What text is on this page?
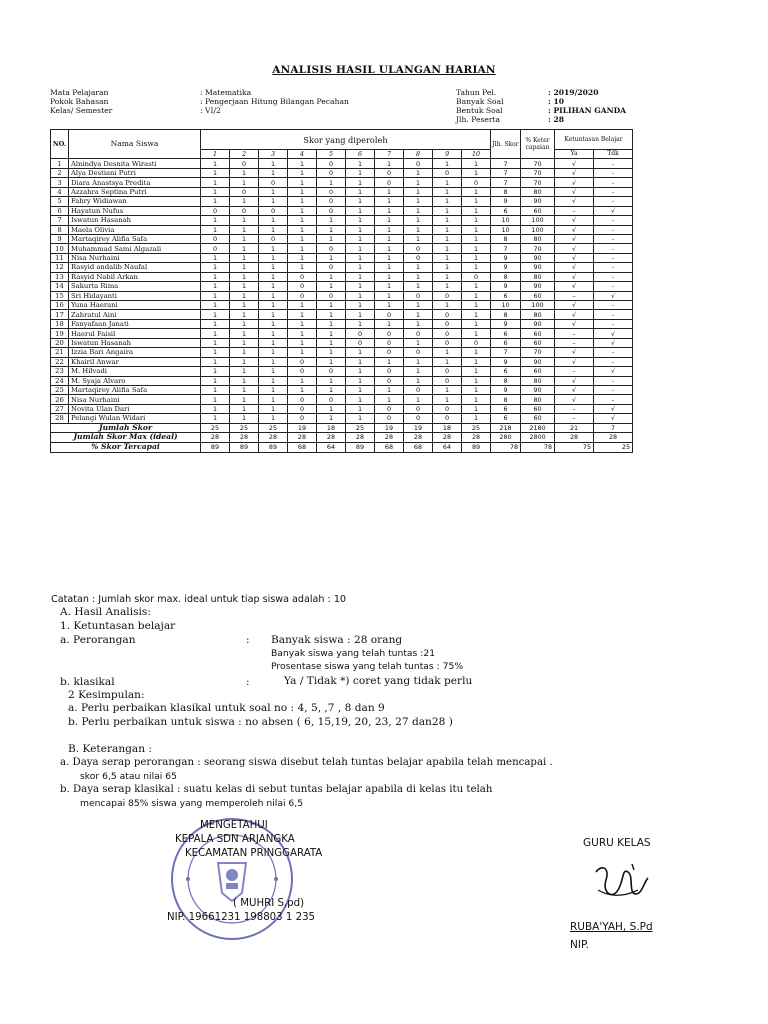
ANALISIS HASIL ULANGAN HARIAN
Mata Pelajaran	: Matematika
Pokok Bahasan	: Pengerjaan Hitung Bilangan Pecahan
Kelas/ Semester	: VI/2
Tahun Pel.	: 2019/2020
Banyak Soal	: 10
Bentuk Soal	: PILIHAN GANDA
Jlh. Peserta	: 28
NO.	Nama Siswa	Skor yang diperoleh										Jlh. Skor	% Keter capaian	Ketuntasan Belajar	
		1	2	3	4	5	6	7	8	9	10			Ya	Tdk
1	Alnindya Desnita Wirasti	1	0	1	1	0	1	1	0	1	1	7	70	√	-
2	Alya Destiani Putri	1	1	1	1	0	1	0	1	0	1	7	70	√	-
3	Diara Anastsya Predita	1	1	0	1	1	1	0	1	1	0	7	70	√	-
4	Azzahra Septina Putri	1	0	1	1	0	1	1	1	1	1	8	80	√	-
5	Fahry Widiawan	1	1	1	1	0	1	1	1	1	1	9	90	√	-
6	Hayatun Nufus	0	0	0	1	0	1	1	1	1	1	6	60	–	√
7	Iswatun Hasanah	1	1	1	1	1	1	1	1	1	1	10	100	√	-
8	Maela Olivia	1	1	1	1	1	1	1	1	1	1	10	100	√	-
9	Martaqirey Alifia Safa	0	1	0	1	1	1	1	1	1	1	8	80	√	-
10	Muhammad Sami Algazali	0	1	1	1	0	1	1	0	1	1	7	70	√	-
11	Nisa Nurhaini	1	1	1	1	1	1	1	0	1	1	9	90	√	-
12	Rasyid andalib Naufal	1	1	1	1	0	1	1	1	1	1	9	90	√	-
13	Rasyid Nabil Arkan	1	1	1	0	1	1	1	1	1	0	8	80	√	-
14	Sakurta Rima	1	1	1	0	1	1	1	1	1	1	9	90	√	-
15	Sri Hidayanti	1	1	1	0	0	1	1	0	0	1	6	60	–	√
16	Yuna Haerani	1	1	1	1	1	1	1	1	1	1	10	100	√	-
17	Zahratul Aini	1	1	1	1	1	1	0	1	0	1	8	80	√	-
18	Fanyafaan Janati	1	1	1	1	1	1	1	1	0	1	9	90	√	-
19	Haerul Faisil	1	1	1	1	1	0	0	0	0	1	6	60	–	√
20	Iswatun Hasanah	1	1	1	1	1	0	0	1	0	0	6	60	–	√
21	Izzia Bari Angaira	1	1	1	1	1	1	0	0	1	1	7	70	√	-
22	Khairil Anwar	1	1	1	0	1	1	1	1	1	1	9	90	√	-
23	M. Hilvadi	1	1	1	0	0	1	0	1	0	1	6	60	–	√
24	M. Syaja Alvaro	1	1	1	1	1	1	0	1	0	1	8	80	√	-
25	Martaqirey Alifia Safa	1	1	1	1	1	1	1	0	1	1	9	90	√	-
26	Nisa Nurhaini	1	1	1	0	0	1	1	1	1	1	8	80	√	-
27	Novita Ulan Dari	1	1	1	0	1	1	0	0	0	1	6	60	–	√
28	Pelangi Wulan Widari	1	1	1	0	1	1	0	0	0	1	6	60	–	√
Jumlah Skor		25	25	25	19	18	25	19	19	18	25	218	2180	21	7
Jumlah Skor Max (ideal)		28	28	28	28	28	28	28	28	28	28	280	2800	28	28
% Skor Tercapai		89	89	89	68	64	89	68	68	64	89	78	78	75	25
Catatan : Jumlah skor max. ideal untuk tiap siswa adalah : 10
A. Hasil Analisis:
1. Ketuntasan belajar
a. Perorangan	: Banyak siswa : 28 orang
Banyak siswa yang telah tuntas :21
Prosentase siswa yang telah tuntas : 75%
b. klasikal	:	Ya / Tidak *) coret yang tidak perlu
2 Kesimpulan:
a. Perlu perbaikan klasikal untuk soal no : 4, 5, ,7 , 8 dan 9
b. Perlu perbaikan untuk siswa : no absen ( 6, 15,19, 20, 23, 27 dan28 )
B. Keterangan :
a. Daya serap perorangan : seorang siswa disebut telah tuntas belajar apabila telah mencapai .
skor 6,5 atau nilai 65
b. Daya serap klasikal : suatu kelas di sebut tuntas belajar apabila di kelas itu telah
mencapai 85% siswa yang memperoleh nilai 6,5
MENGETAHUI
KEPALA SDN ARJANGKA
KECAMATAN PRINGGARATA
( MUHRI S.pd)
NIP. 19661231 198803 1 235
GURU KELAS
RUBA'YAH, S.Pd
NIP.
